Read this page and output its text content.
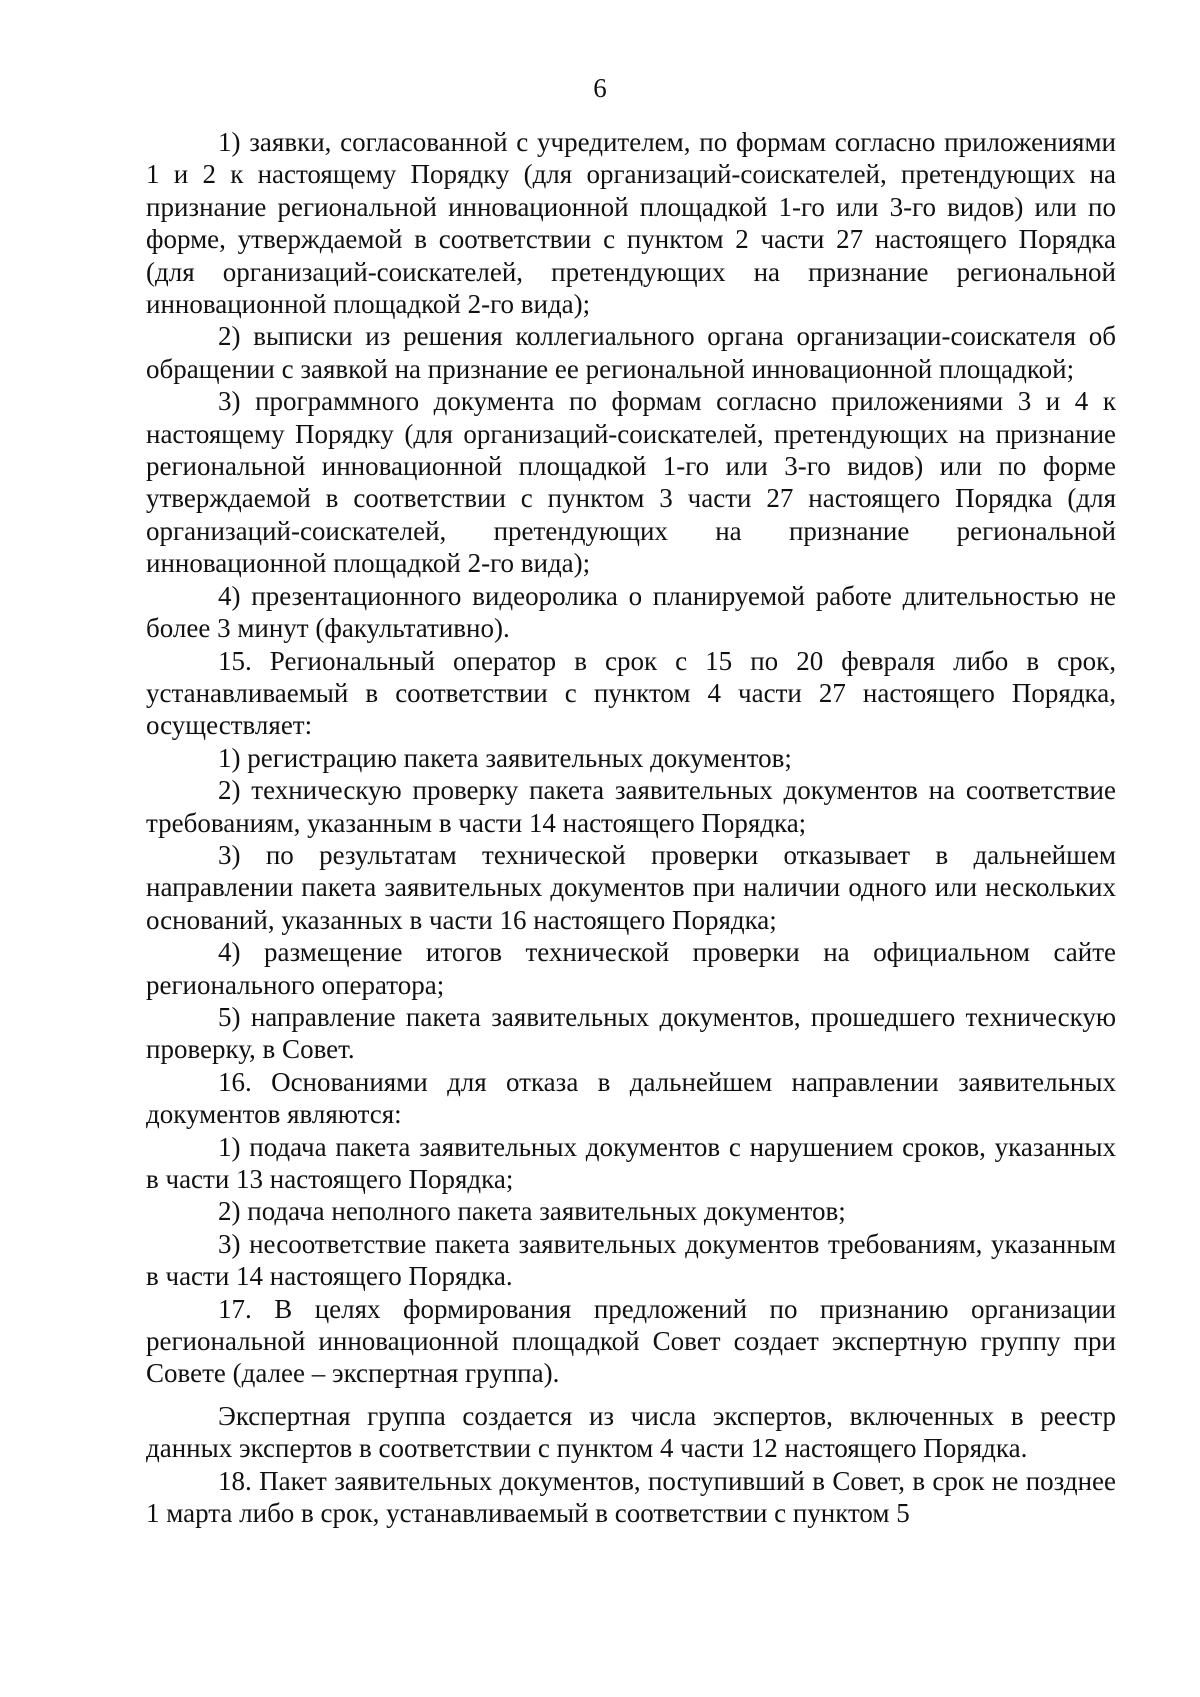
6

1) заявки, согласованной с учредителем, по формам согласно приложениями 1 и 2 к настоящему Порядку (для организаций-соискателей, претендующих на признание региональной инновационной площадкой 1-го или 3-го видов) или по форме, утверждаемой в соответствии с пунктом 2 части 27 настоящего Порядка (для организаций-соискателей, претендующих на признание региональной инновационной площадкой 2-го вида);

2) выписки из решения коллегиального органа организации-соискателя об обращении с заявкой на признание ее региональной инновационной площадкой;

3) программного документа по формам согласно приложениями 3 и 4 к настоящему Порядку (для организаций-соискателей, претендующих на признание региональной инновационной площадкой 1-го или 3-го видов) или по форме утверждаемой в соответствии с пунктом 3 части 27 настоящего Порядка (для организаций-соискателей, претендующих на признание региональной инновационной площадкой 2-го вида);

4) презентационного видеоролика о планируемой работе длительностью не более 3 минут (факультативно).

15. Региональный оператор в срок с 15 по 20 февраля либо в срок, устанавливаемый в соответствии с пунктом 4 части 27 настоящего Порядка, осуществляет:

1) регистрацию пакета заявительных документов;

2) техническую проверку пакета заявительных документов на соответствие требованиям, указанным в части 14 настоящего Порядка;

3) по результатам технической проверки отказывает в дальнейшем направлении пакета заявительных документов при наличии одного или нескольких оснований, указанных в части 16 настоящего Порядка;

4) размещение итогов технической проверки на официальном сайте регионального оператора;

5) направление пакета заявительных документов, прошедшего техническую проверку, в Совет.

16. Основаниями для отказа в дальнейшем направлении заявительных документов являются:

1) подача пакета заявительных документов с нарушением сроков, указанных в части 13 настоящего Порядка;

2) подача неполного пакета заявительных документов;

3) несоответствие пакета заявительных документов требованиям, указанным в части 14 настоящего Порядка.

17. В целях формирования предложений по признанию организации региональной инновационной площадкой Совет создает экспертную группу при Совете (далее – экспертная группа).

Экспертная группа создается из числа экспертов, включенных в реестр данных экспертов в соответствии с пунктом 4 части 12 настоящего Порядка.

18. Пакет заявительных документов, поступивший в Совет, в срок не позднее 1 марта либо в срок, устанавливаемый в соответствии с пунктом 5
